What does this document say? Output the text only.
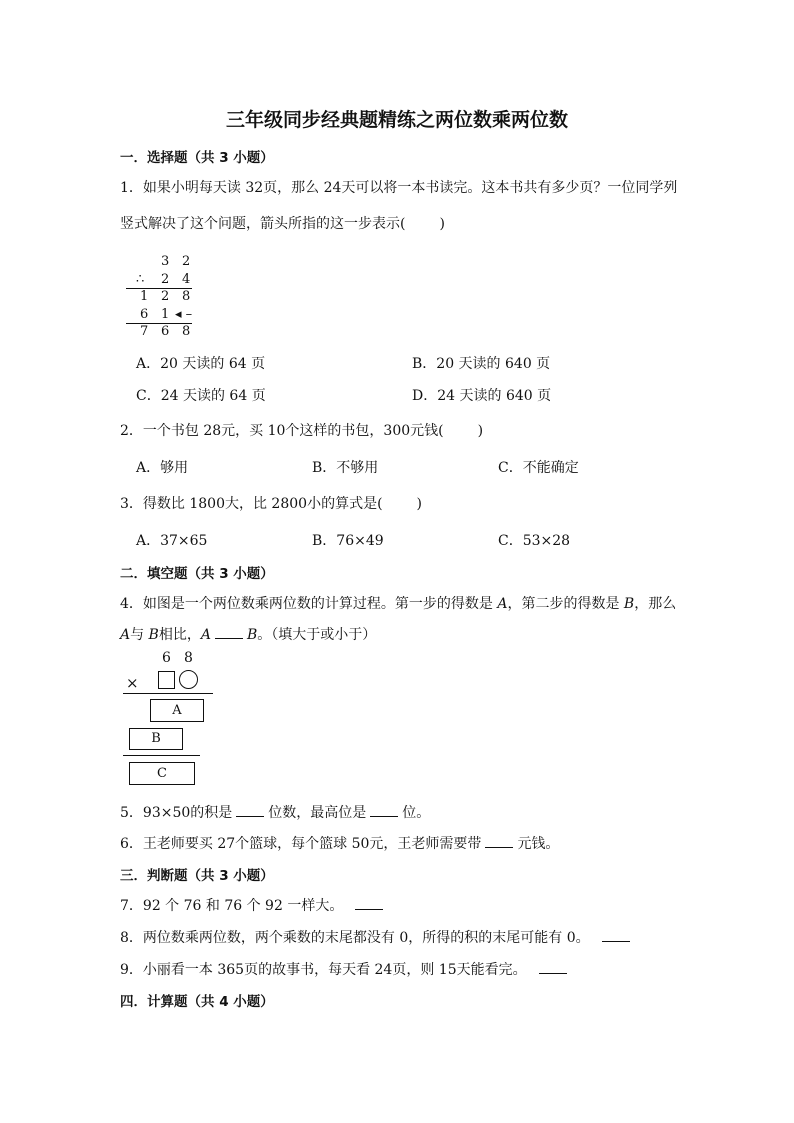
三年级同步经典题精练之两位数乘两位数
一．选择题（共 3 小题）
1．如果小明每天读 32页，那么 24天可以将一本书读完。这本书共有多少页？一位同学列
竖式解决了这个问题，箭头所指的这一步表示( )
3 2
∴ 2 4
1 2 8
6 1 ◂ –
7 6 8
A．20 天读的 64 页	B．20 天读的 640 页
C．24 天读的 64 页	D．24 天读的 640 页
2．一个书包 28元，买 10个这样的书包，300元钱( )
A．够用	B．不够用	C．不能确定
3．得数比 1800大，比 2800小的算式是( )
A．37×65	B．76×49	C．53×28
二．填空题（共 3 小题）
4．如图是一个两位数乘两位数的计算过程。第一步的得数是 𝐴，第二步的得数是 𝐵，那么
𝐴与 𝐵相比，𝐴	𝐵。（填大于或小于）
6 8
×
A
B
C
5．93×50的积是	位数，最高位是	位。
6．王老师要买 27个篮球，每个篮球 50元，王老师需要带	元钱。
三．判断题（共 3 小题）
7．92 个 76 和 76 个 92 一样大。
8．两位数乘两位数，两个乘数的末尾都没有 0，所得的积的末尾可能有 0。
9．小丽看一本 365页的故事书，每天看 24页，则 15天能看完。
四．计算题（共 4 小题）
